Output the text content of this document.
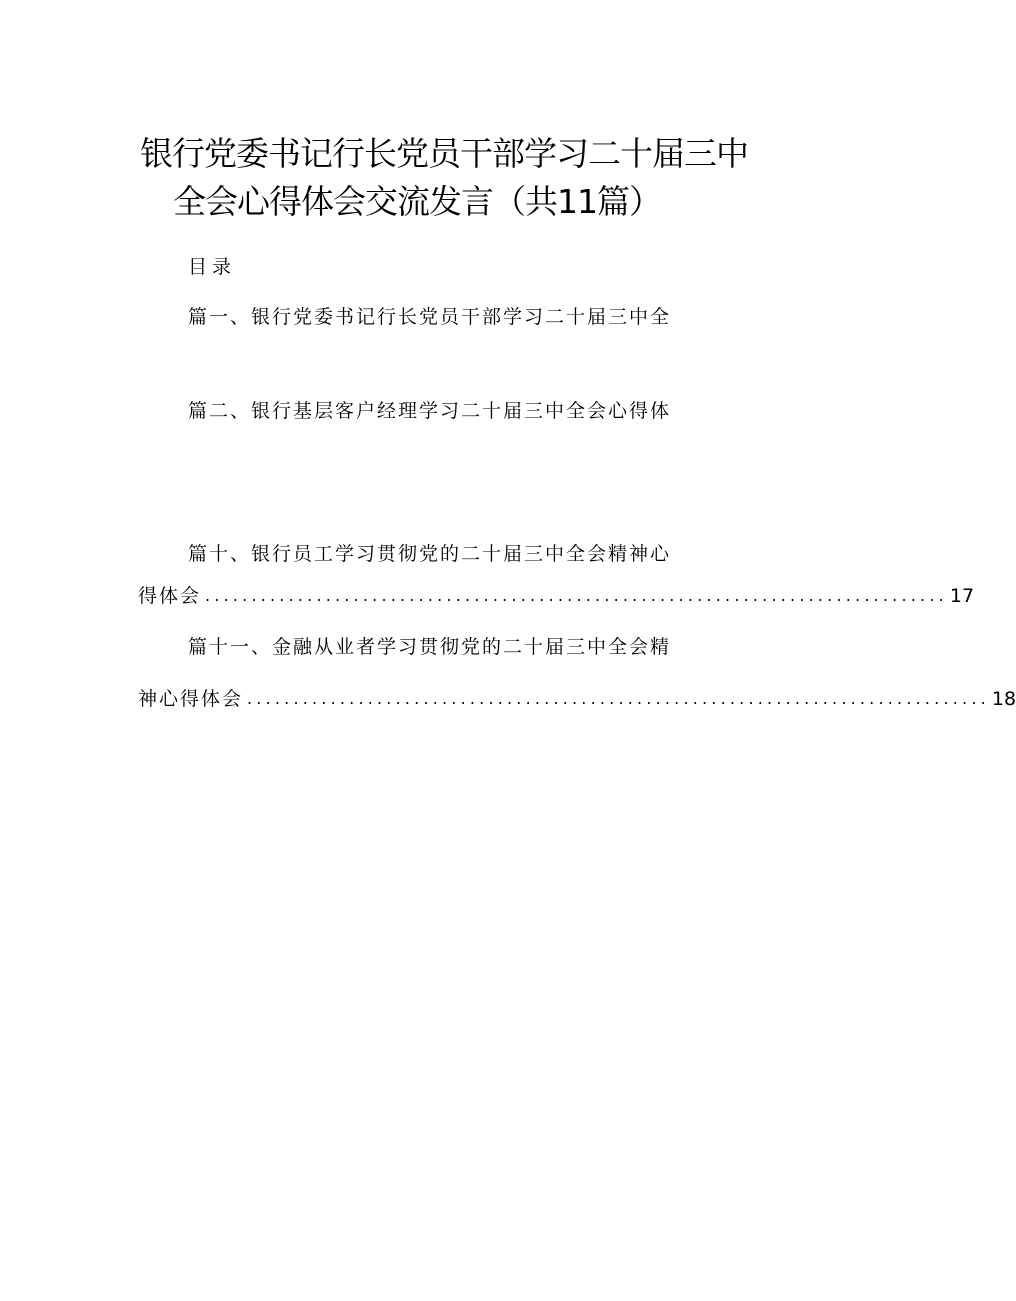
银行党委书记行长党员干部学习二十届三中
全会心得体会交流发言（共11篇）
目录
篇一、银行党委书记行长党员干部学习二十届三中全
篇二、银行基层客户经理学习二十届三中全会心得体
篇十、银行员工学习贯彻党的二十届三中全会精神心
得体会 ................................................................................ 17
篇十一、金融从业者学习贯彻党的二十届三中全会精
神心得体会 ................................................................................ 18
